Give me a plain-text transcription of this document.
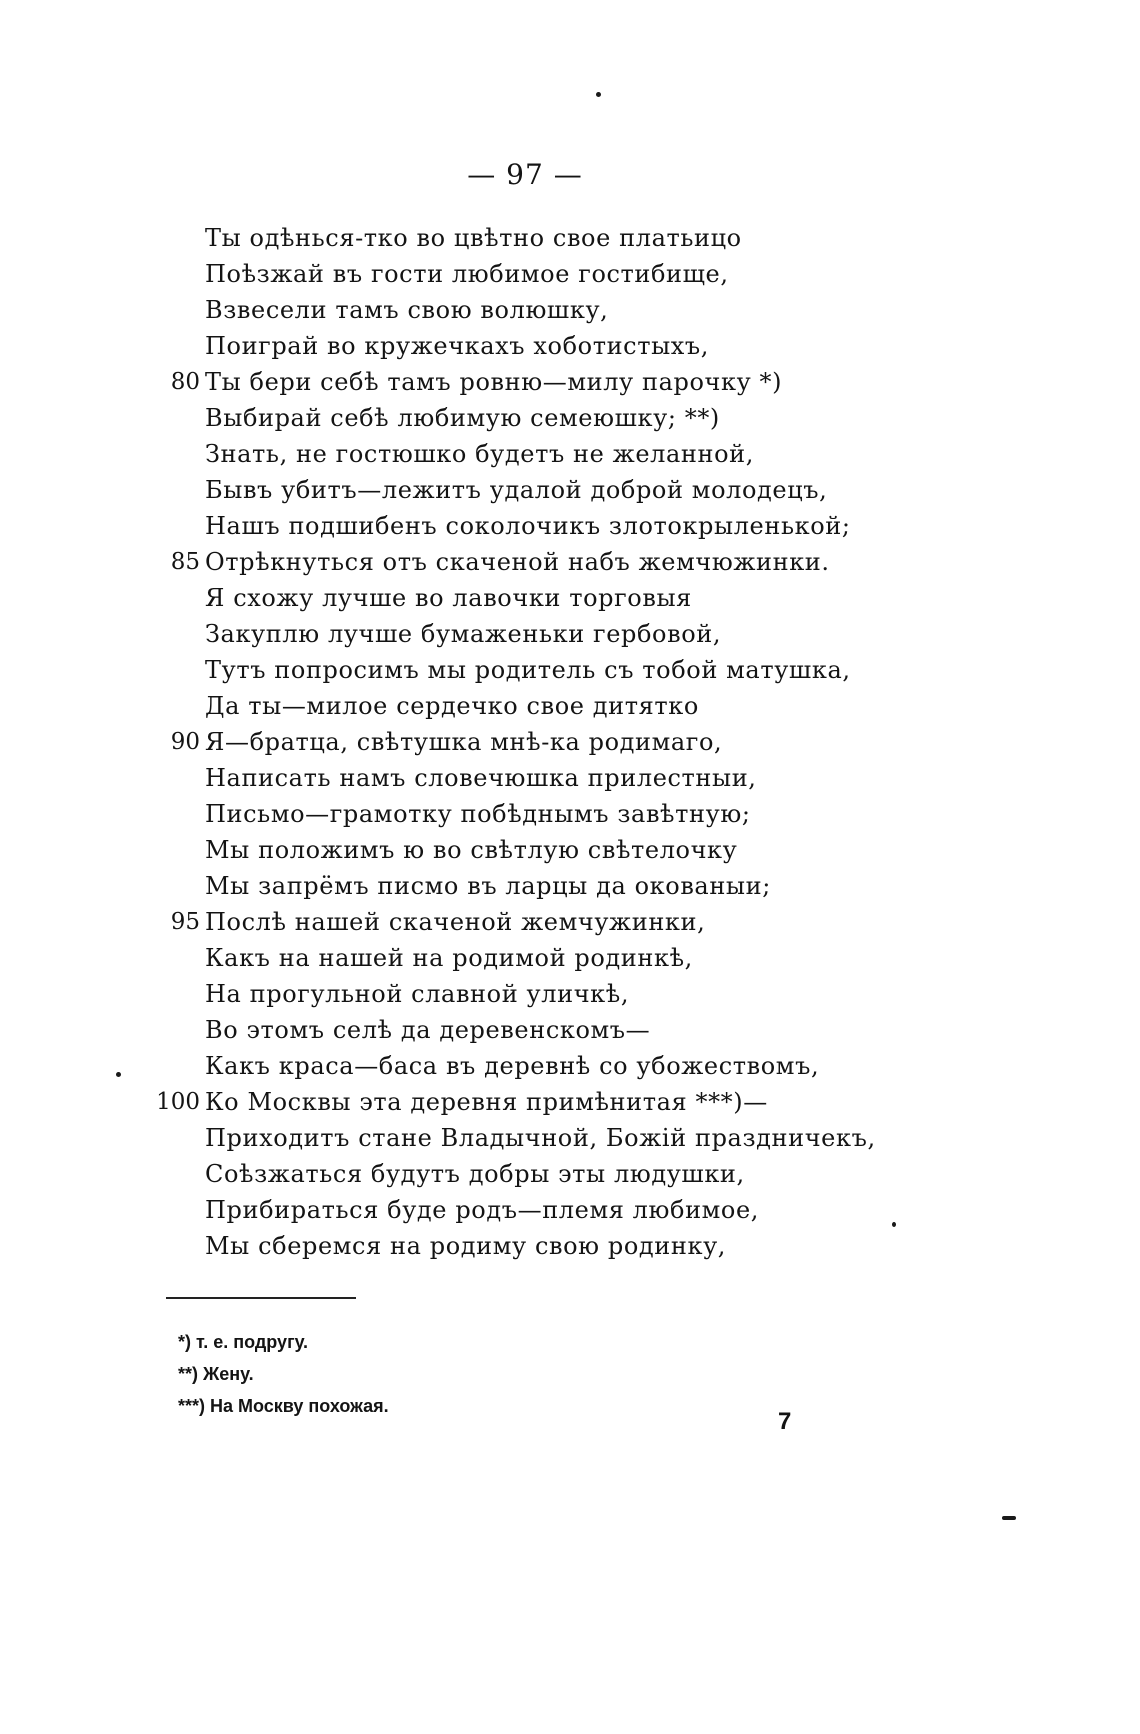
— 97 —
Ты одѣнься-тко во цвѣтно свое платьицо
Поѣзжай въ гости любимое гостибище,
Взвесели тамъ свою волюшку,
Поиграй во кружечкахъ хоботистыхъ,
80 Ты бери себѣ тамъ ровню—милу парочку *)
Выбирай себѣ любимую семеюшку; **)
Знать, не гостюшко будетъ не желанной,
Бывъ убитъ—лежитъ удалой доброй молодецъ,
Нашъ подшибенъ соколочикъ злотокрыленькой;
85 Отрѣкнуться отъ скаченой набъ жемчюжинки.
Я схожу лучше во лавочки торговыя
Закуплю лучше бумаженьки гербовой,
Тутъ попросимъ мы родитель съ тобой матушка,
Да ты—милое сердечко свое дитятко
90 Я—братца, свѣтушка мнѣ-ка родимаго,
Написать намъ словечюшка прилестныи,
Письмо—грамотку побѣднымъ завѣтную;
Мы положимъ ю во свѣтлую свѣтелочку
Мы запрёмъ писмо въ ларцы да окованыи;
95 Послѣ нашей скаченой жемчужинки,
Какъ на нашей на родимой родинкѣ,
На прогульной славной уличкѣ,
Во этомъ селѣ да деревенскомъ—
Какъ краса—баса въ деревнѣ со убожествомъ,
100 Ко Москвы эта деревня примѣнитая ***)—
Приходитъ стане Владычной, Божій праздничекъ,
Соѣзжаться будутъ добры эты людушки,
Прибираться буде родъ—племя любимое,
Мы сберемся на родиму свою родинку,
*) т. е. подругу.
**) Жену.
***) На Москву похожая.
7
